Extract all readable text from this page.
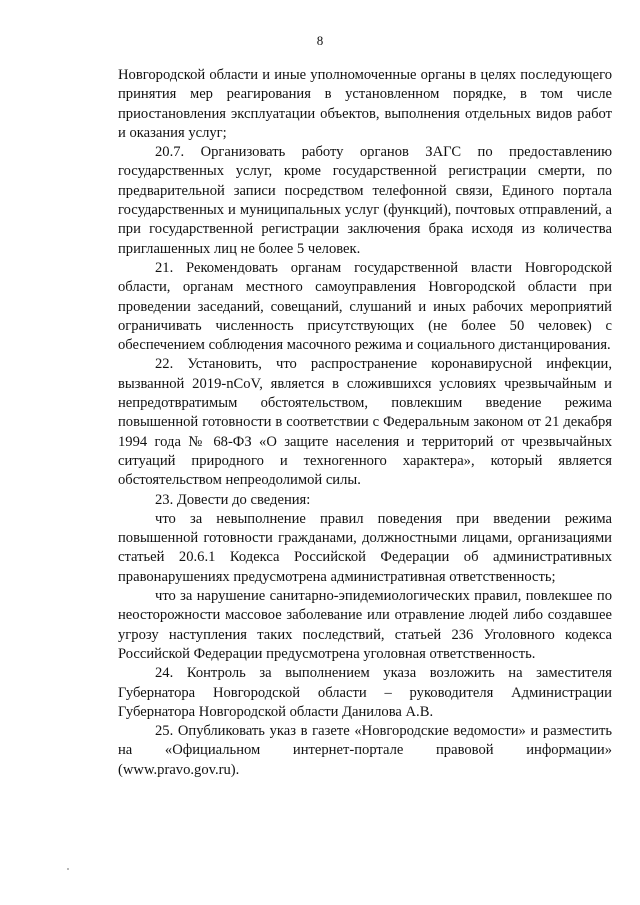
8

Новгородской области и иные уполномоченные органы в целях последующего принятия мер реагирования в установленном порядке, в том числе приостановления эксплуатации объектов, выполнения отдельных видов работ и оказания услуг;

20.7. Организовать работу органов ЗАГС по предоставлению государственных услуг, кроме государственной регистрации смерти, по предварительной записи посредством телефонной связи, Единого портала государственных и муниципальных услуг (функций), почтовых отправлений, а при государственной регистрации заключения брака исходя из количества приглашенных лиц не более 5 человек.

21. Рекомендовать органам государственной власти Новгородской области, органам местного самоуправления Новгородской области при проведении заседаний, совещаний, слушаний и иных рабочих мероприятий ограничивать численность присутствующих (не более 50 человек) с обеспечением соблюдения масочного режима и социального дистанцирования.

22. Установить, что распространение коронавирусной инфекции, вызванной 2019-nCoV, является в сложившихся условиях чрезвычайным и непредотвратимым обстоятельством, повлекшим введение режима повышенной готовности в соответствии с Федеральным законом от 21 декабря 1994 года № 68-ФЗ «О защите населения и территорий от чрезвычайных ситуаций природного и техногенного характера», который является обстоятельством непреодолимой силы.

23. Довести до сведения:

что за невыполнение правил поведения при введении режима повышенной готовности гражданами, должностными лицами, организациями статьей 20.6.1 Кодекса Российской Федерации об административных правонарушениях предусмотрена административная ответственность;

что за нарушение санитарно-эпидемиологических правил, повлекшее по неосторожности массовое заболевание или отравление людей либо создавшее угрозу наступления таких последствий, статьей 236 Уголовного кодекса Российской Федерации предусмотрена уголовная ответственность.

24. Контроль за выполнением указа возложить на заместителя Губернатора Новгородской области – руководителя Администрации Губернатора Новгородской области Данилова А.В.

25. Опубликовать указ в газете «Новгородские ведомости» и разместить на «Официальном интернет-портале правовой информации» (www.pravo.gov.ru).
